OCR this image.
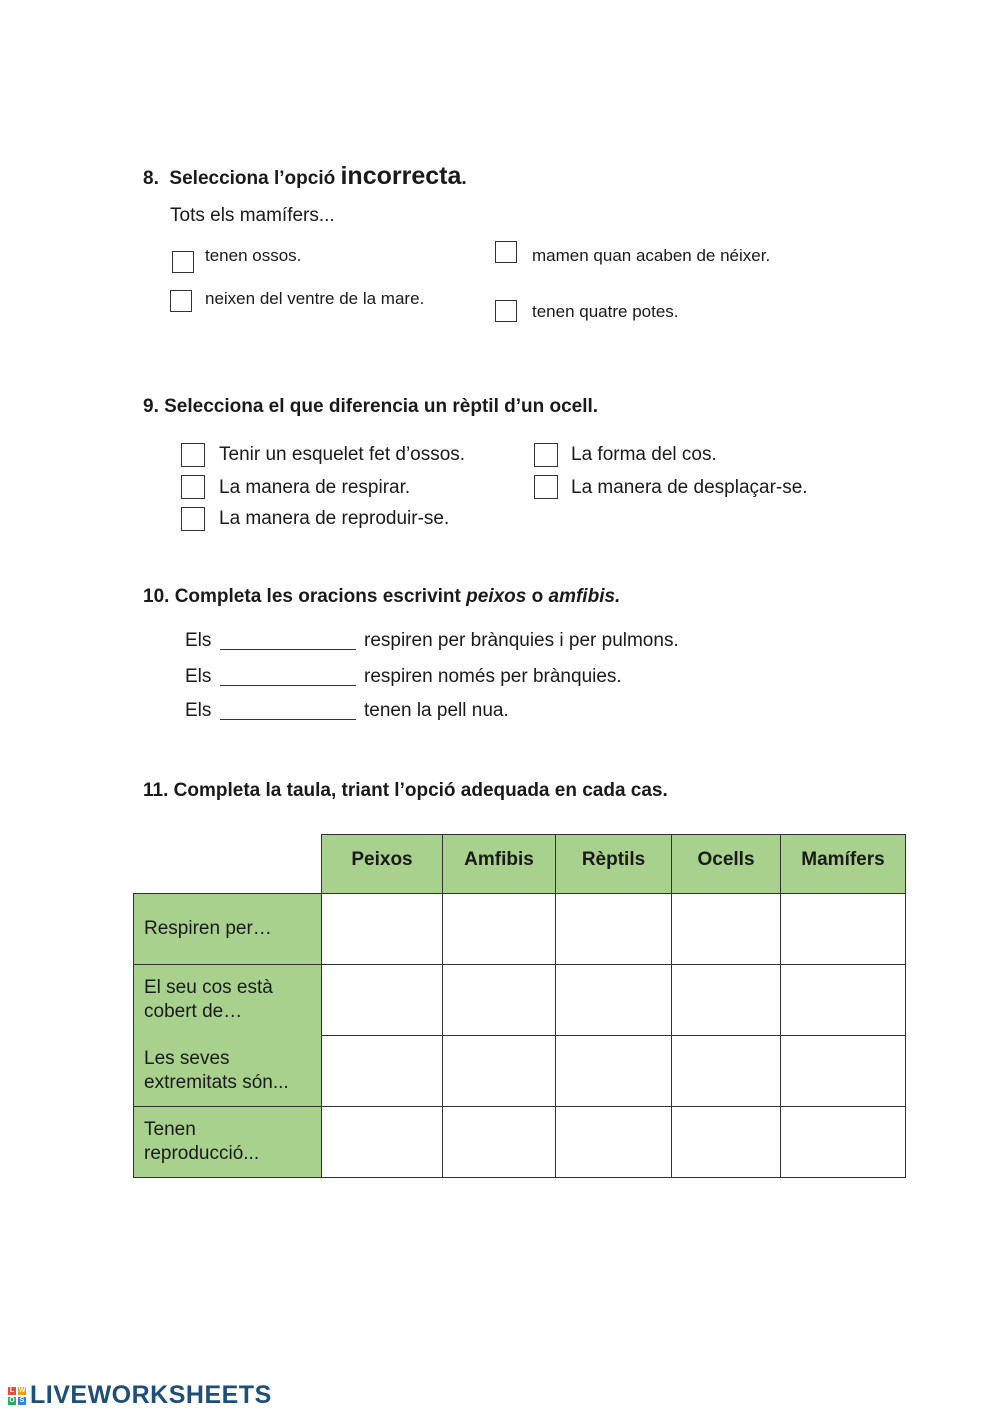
8. Selecciona l’opció incorrecta.
Tots els mamífers...
tenen ossos.	mamen quan acaben de néixer.
neixen del ventre de la mare.
tenen quatre potes.
9. Selecciona el que diferencia un rèptil d’un ocell.
Tenir un esquelet fet d’ossos.	La forma del cos.
La manera de respirar.	La manera de desplaçar-se.
La manera de reproduir-se.
10. Completa les oracions escrivint peixos o amfibis.
Els	respiren per brànquies i per pulmons.
Els	respiren només per brànquies.
Els	tenen la pell nua.
11. Completa la taula, triant l’opció adequada en cada cas.
	Peixos	Amfibis	Rèptils	Ocells	Mamífers
Respiren per…					
El seu cos està cobert de…					
Les seves extremitats són...					
Tenen reproducció...					
L W
O S LIVEWORKSHEETS
